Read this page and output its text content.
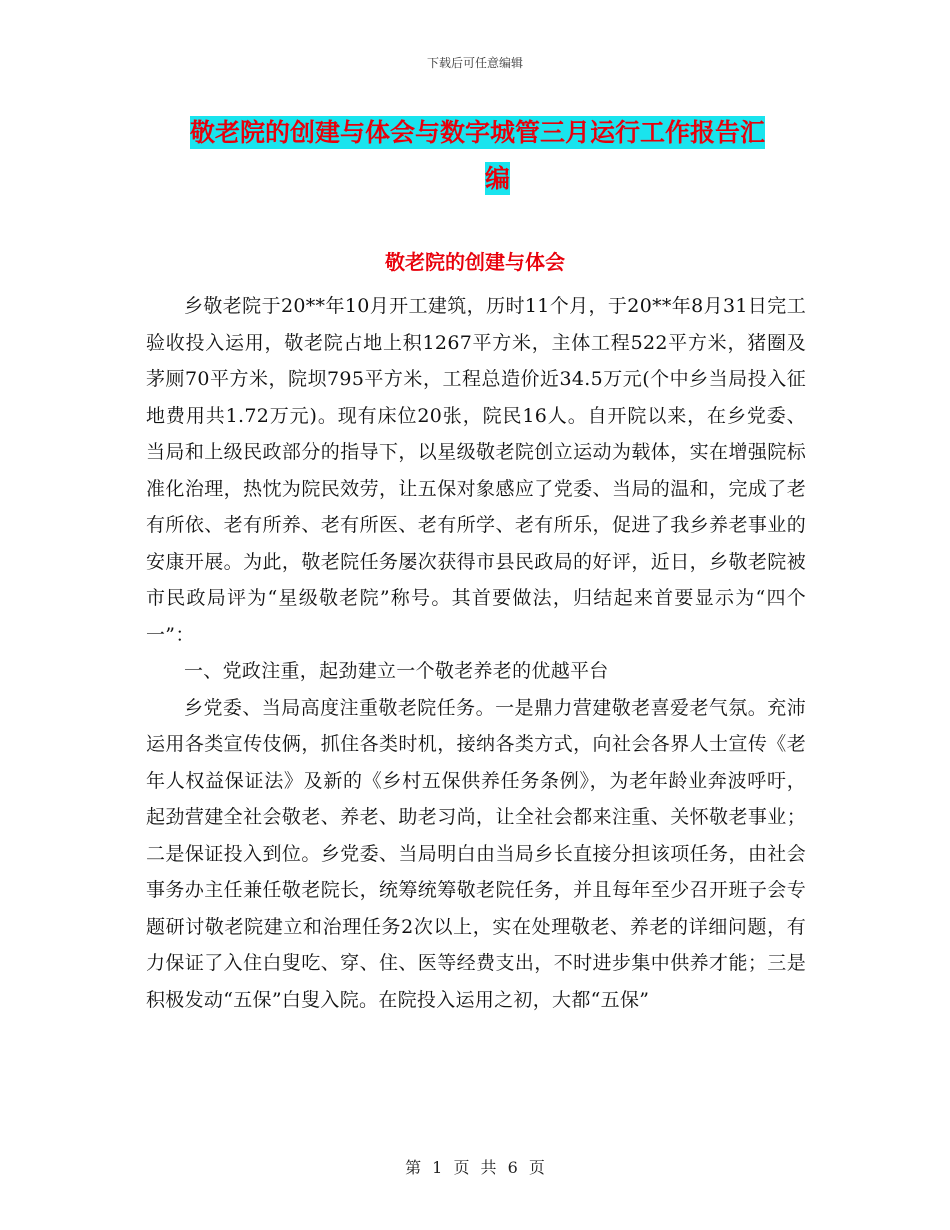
下载后可任意编辑
敬老院的创建与体会与数字城管三月运行工作报告汇
编
敬老院的创建与体会

乡敬老院于20**年10月开工建筑，历时11个月，于20**年8月31日完工验收投入运用，敬老院占地上积1267平方米，主体工程522平方米，猪圈及茅厕70平方米，院坝795平方米，工程总造价近34.5万元(个中乡当局投入征地费用共1.72万元)。现有床位20张，院民16人。自开院以来，在乡党委、当局和上级民政部分的指导下，以星级敬老院创立运动为载体，实在增强院标准化治理，热忱为院民效劳，让五保对象感应了党委、当局的温和，完成了老有所依、老有所养、老有所医、老有所学、老有所乐，促进了我乡养老事业的安康开展。为此，敬老院任务屡次获得市县民政局的好评，近日，乡敬老院被市民政局评为“星级敬老院”称号。其首要做法，归结起来首要显示为“四个一”：

一、党政注重，起劲建立一个敬老养老的优越平台

乡党委、当局高度注重敬老院任务。一是鼎力营建敬老喜爱老气氛。充沛运用各类宣传伎俩，抓住各类时机，接纳各类方式，向社会各界人士宣传《老年人权益保证法》及新的《乡村五保供养任务条例》，为老年龄业奔波呼吁，起劲营建全社会敬老、养老、助老习尚，让全社会都来注重、关怀敬老事业；二是保证投入到位。乡党委、当局明白由当局乡长直接分担该项任务，由社会事务办主任兼任敬老院长，统筹统筹敬老院任务，并且每年至少召开班子会专题研讨敬老院建立和治理任务2次以上，实在处理敬老、养老的详细问题，有力保证了入住白叟吃、穿、住、医等经费支出，不时进步集中供养才能；三是积极发动“五保”白叟入院。在院投入运用之初，大都“五保”

第 1 页 共 6 页
